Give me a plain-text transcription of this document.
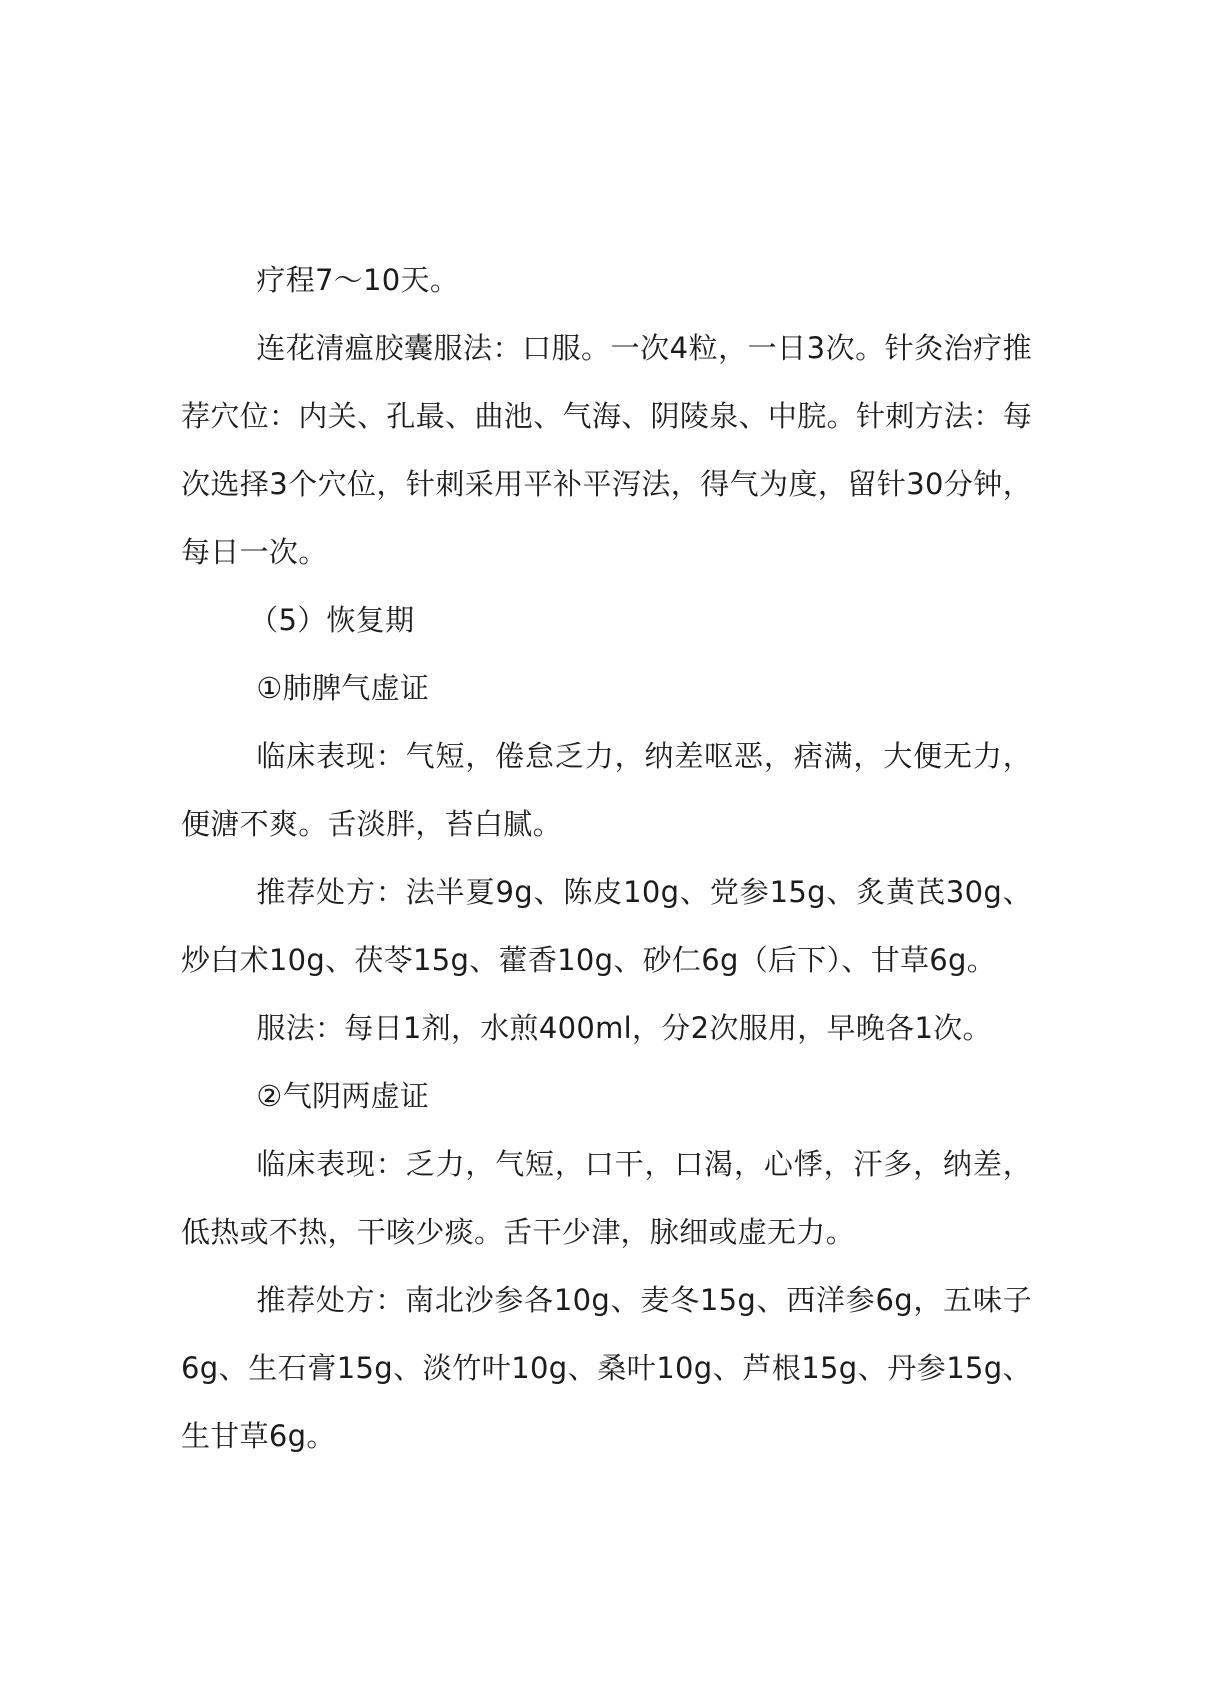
疗程7～10天。

连花清瘟胶囊服法：口服。一次4粒，一日3次。针灸治疗推荐穴位：内关、孔最、曲池、气海、阴陵泉、中脘。针刺方法：每次选择3个穴位，针刺采用平补平泻法，得气为度，留针30分钟，每日一次。

（5）恢复期

①肺脾气虚证

临床表现：气短，倦怠乏力，纳差呕恶，痞满，大便无力，便溏不爽。舌淡胖，苔白腻。

推荐处方：法半夏9g、陈皮10g、党参15g、炙黄芪30g、炒白术10g、茯苓15g、藿香10g、砂仁6g（后下）、甘草6g。

服法：每日1剂，水煎400ml，分2次服用，早晚各1次。

②气阴两虚证

临床表现：乏力，气短，口干，口渴，心悸，汗多，纳差，低热或不热，干咳少痰。舌干少津，脉细或虚无力。

推荐处方：南北沙参各10g、麦冬15g、西洋参6g，五味子6g、生石膏15g、淡竹叶10g、桑叶10g、芦根15g、丹参15g、生甘草6g。
